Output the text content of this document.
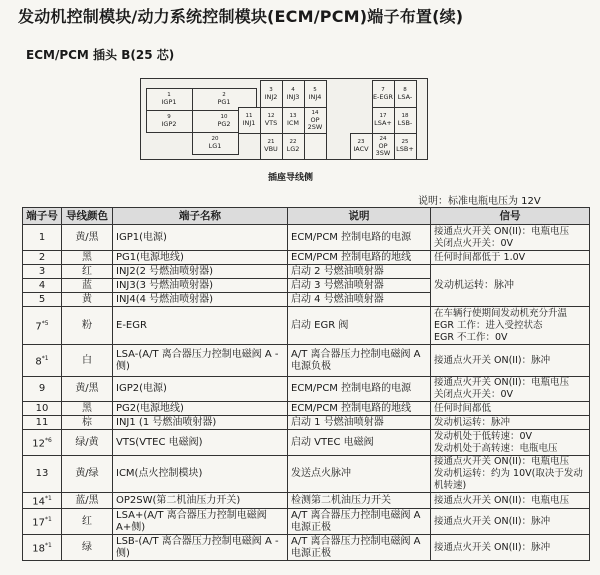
发动机控制模块/动力系统控制模块(ECM/PCM)端子布置(续)
ECM/PCM 插头 B(25 芯)
1
IGP1
2
PG1
9
IGP2
10
PG2
20
LG1
3
INJ2
4
INJ3
5
INJ4
11
INJ1
12
VTS
13
ICM
14
OP 2SW
21
VBU
22
LG2
7
E-EGR
8
LSA-
17
LSA+
18
LSB-
23
IACV
24
OP 3SW
25
LSB+
插座导线侧
说明：标准电瓶电压为 12V
端子号	导线颜色	端子名称	说明	信号
1	黄/黑	IGP1(电源)	ECM/PCM 控制电路的电源	接通点火开关 ON(II)：电瓶电压
关闭点火开关：0V
2	黑	PG1(电源地线)	ECM/PCM 控制电路的地线	任何时间都低于 1.0V
3	红	INJ2(2 号燃油喷射器)	启动 2 号燃油喷射器	发动机运转：脉冲
4	蓝	INJ3(3 号燃油喷射器)	启动 3 号燃油喷射器	
5	黄	INJ4(4 号燃油喷射器)	启动 4 号燃油喷射器	
7$^{*5}$	粉	E-EGR	启动 EGR 阀	在车辆行使期间发动机充分升温
EGR 工作：进入受控状态
EGR 不工作：0V
8$^{*1}$	白	LSA-(A/T 离合器压力控制电磁阀 A - 侧)	A/T 离合器压力控制电磁阀 A 电源负极	接通点火开关 ON(II)：脉冲
9	黄/黑	IGP2(电源)	ECM/PCM 控制电路的电源	接通点火开关 ON(II)：电瓶电压
关闭点火开关：0V
10	黑	PG2(电源地线)	ECM/PCM 控制电路的地线	任何时间都低
11	棕	INJ1 (1 号燃油喷射器)	启动 1 号燃油喷射器	发动机运转：脉冲
12$^{*6}$	绿/黄	VTS(VTEC 电磁阀)	启动 VTEC 电磁阀	发动机处于低转速：0V
发动机处于高转速：电瓶电压
13	黄/绿	ICM(点火控制模块)	发送点火脉冲	接通点火开关 ON(II)：电瓶电压
发动机运转：约为 10V(取决于发动机转速)
14$^{*1}$	蓝/黑	OP2SW(第二机油压力开关)	检测第二机油压力开关	接通点火开关 ON(II)：电瓶电压
17$^{*1}$	红	LSA+(A/T 离合器压力控制电磁阀 A+侧)	A/T 离合器压力控制电磁阀 A 电源正极	接通点火开关 ON(II)：脉冲
18$^{*1}$	绿	LSB-(A/T 离合器压力控制电磁阀 A - 侧)	A/T 离合器压力控制电磁阀 A 电源正极	接通点火开关 ON(II)：脉冲
